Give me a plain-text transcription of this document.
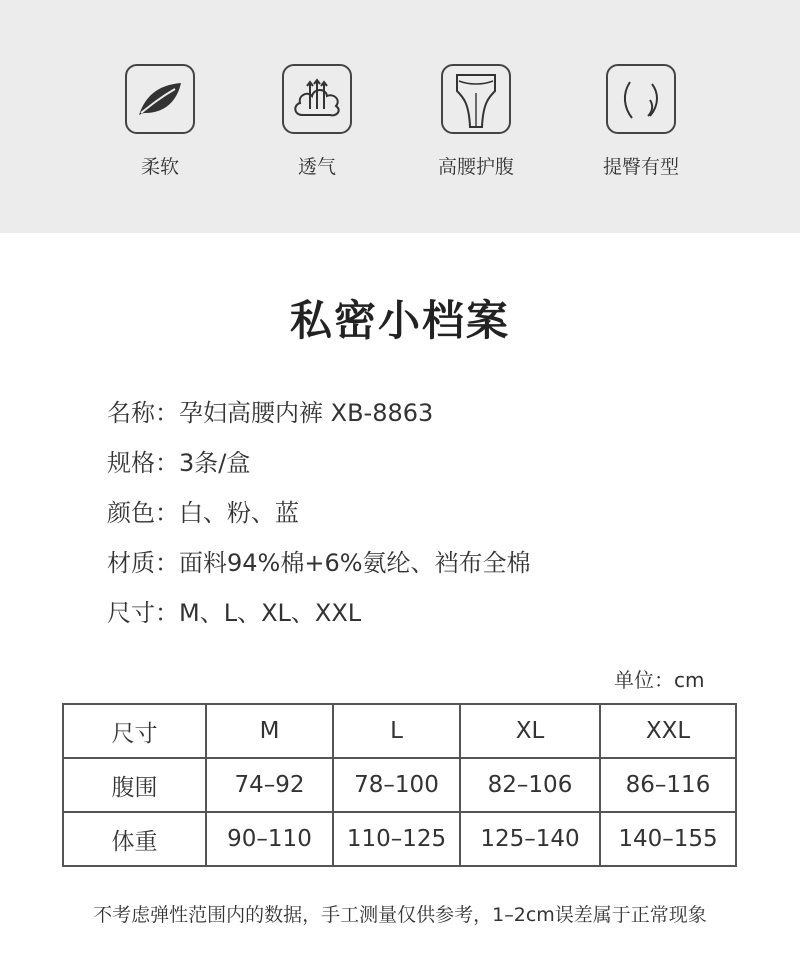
柔软	透气	高腰护腹	提臀有型
私密小档案
名称：孕妇高腰内裤 XB-8863
规格：3条/盒
颜色：白、粉、蓝
材质：面料94%棉+6%氨纶、裆布全棉
尺寸：M、L、XL、XXL
单位：cm
尺寸	M	L	XL	XXL
腹围	74–92	78–100	82–106	86–116
体重	90–110	110–125	125–140	140–155
不考虑弹性范围内的数据，手工测量仅供参考，1–2cm误差属于正常现象
